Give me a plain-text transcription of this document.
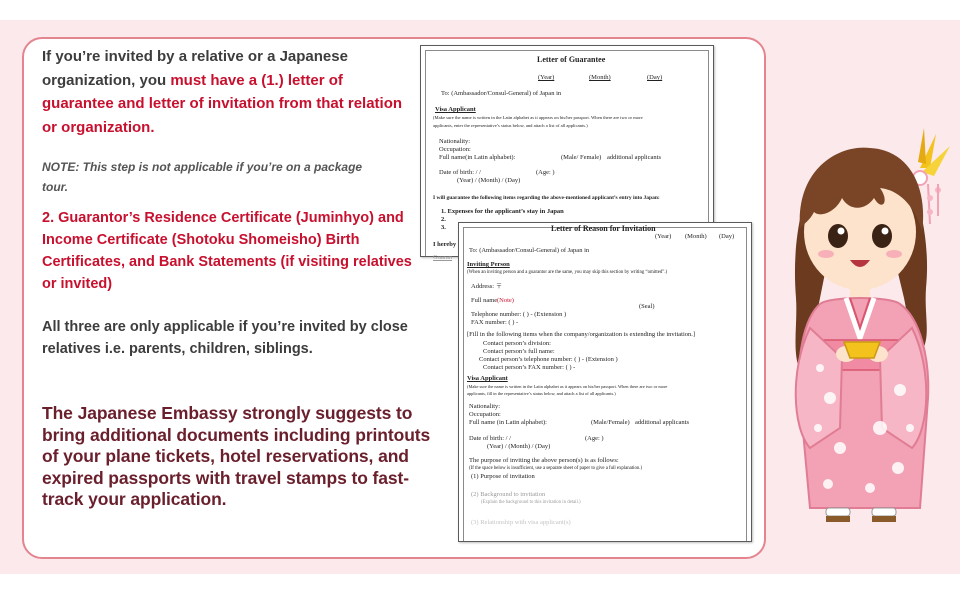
If you’re invited by a relative or a Japanese organization, you must have a (1.) letter of guarantee and letter of invitation from that relation or organization.

NOTE: This step is not applicable if you’re on a package tour.

2. Guarantor’s Residence Certificate (Juminhyo) and Income Certificate (Shotoku Shomeisho) Birth Certificates, and Bank Statements (if visiting relatives or invited)

All three are only applicable if you’re invited by close relatives i.e. parents, children, siblings.

The Japanese Embassy strongly suggests to bring additional documents including printouts of your plane tickets, hotel reservations, and expired passports with travel stamps to fast-track your application.

Letter of Guarantee
(Year)	(Month)	(Day)
To: (Ambassador/Consul-General) of Japan in
Visa Applicant
(Make sure the name is written in the Latin alphabet as it appears on his/her passport. When there are two or more
applicants, enter the representative’s status below, and attach a list of all applicants.)
Nationality:
Occupation:
Full name(in Latin alphabet):	(Male/ Female) additional applicants
Date of birth: / /	(Age: )
(Year) / (Month) / (Day)
I will guarantee the following items regarding the above-mentioned applicant’s entry into Japan:
1. Expenses for the applicant’s stay in Japan
2.
3.
I hereby
Guaran
(Year) (Month) (Day)
Letter of Reason for Invitation
To: (Ambassador/Consul-General) of Japan in
Inviting Person
(When an inviting person and a guarantor are the same, you may skip this section by writing “omitted”.)
Address: 〒
Full name (Note)
(Seal)
Telephone number: ( ) - (Extension )
FAX number: ( ) -
[Fill in the following items when the company/organization is extending the invitation.]
Contact person’s division:
Contact person’s full name:
Contact person’s telephone number: ( ) - (Extension )
Contact person’s FAX number: ( ) -
Visa Applicant
(Make sure the name is written in the Latin alphabet as it appears on his/her passport. When there are two or more
applicants, fill in the representative’s status below, and attach a list of all applicants.)
Nationality:
Occupation:
Full name (in Latin alphabet):	(Male/Female) additional applicants
Date of birth: / /	(Age: )
(Year) / (Month) / (Day)
The purpose of inviting the above person(s) is as follows:
(If the space below is insufficient, use a separate sheet of paper to give a full explanation.)
(1) Purpose of invitation
(2) Background to invitation
(Explain the background to this invitation in detail.)
(3) Relationship with visa applicant(s)
